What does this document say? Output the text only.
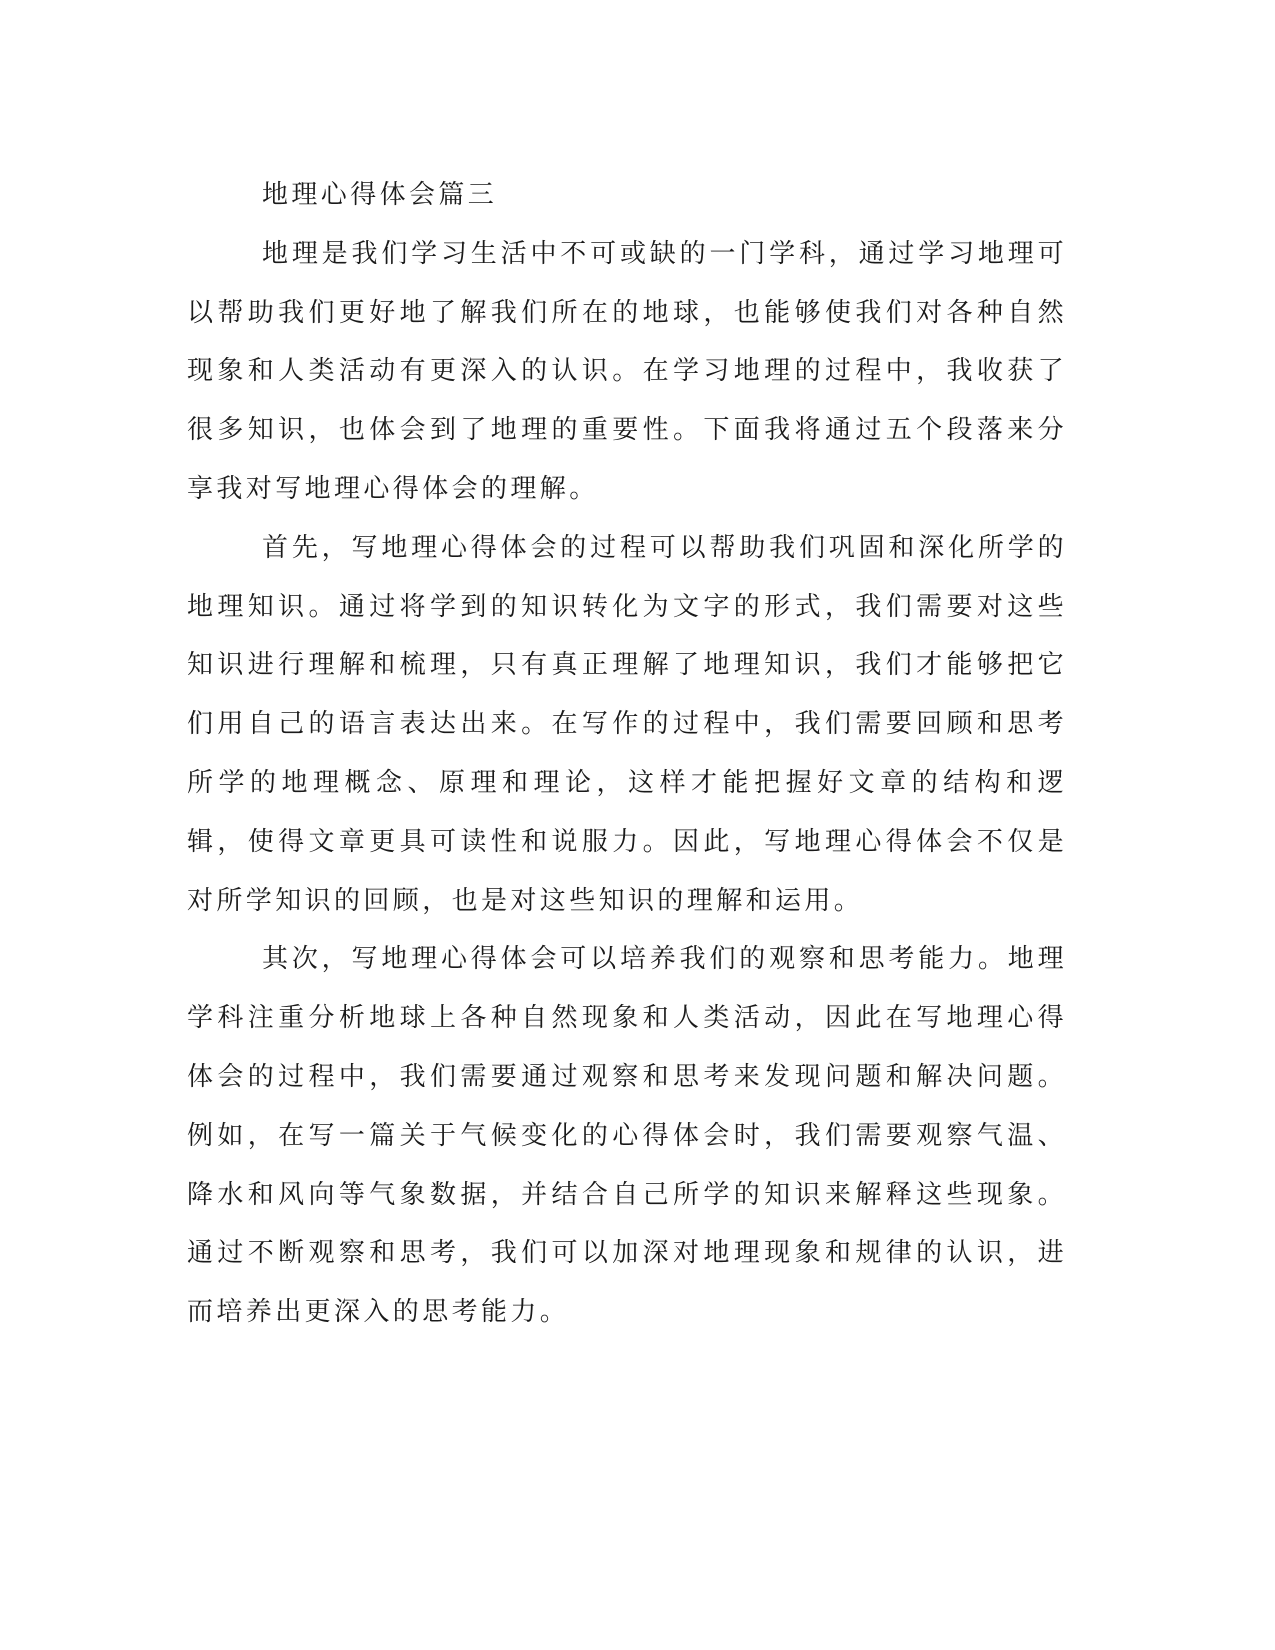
地理心得体会篇三

地理是我们学习生活中不可或缺的一门学科，通过学习地理可以帮助我们更好地了解我们所在的地球，也能够使我们对各种自然现象和人类活动有更深入的认识。在学习地理的过程中，我收获了很多知识，也体会到了地理的重要性。下面我将通过五个段落来分享我对写地理心得体会的理解。

首先，写地理心得体会的过程可以帮助我们巩固和深化所学的地理知识。通过将学到的知识转化为文字的形式，我们需要对这些知识进行理解和梳理，只有真正理解了地理知识，我们才能够把它们用自己的语言表达出来。在写作的过程中，我们需要回顾和思考所学的地理概念、原理和理论，这样才能把握好文章的结构和逻辑，使得文章更具可读性和说服力。因此，写地理心得体会不仅是对所学知识的回顾，也是对这些知识的理解和运用。

其次，写地理心得体会可以培养我们的观察和思考能力。地理学科注重分析地球上各种自然现象和人类活动，因此在写地理心得体会的过程中，我们需要通过观察和思考来发现问题和解决问题。例如，在写一篇关于气候变化的心得体会时，我们需要观察气温、降水和风向等气象数据，并结合自己所学的知识来解释这些现象。通过不断观察和思考，我们可以加深对地理现象和规律的认识，进而培养出更深入的思考能力。
